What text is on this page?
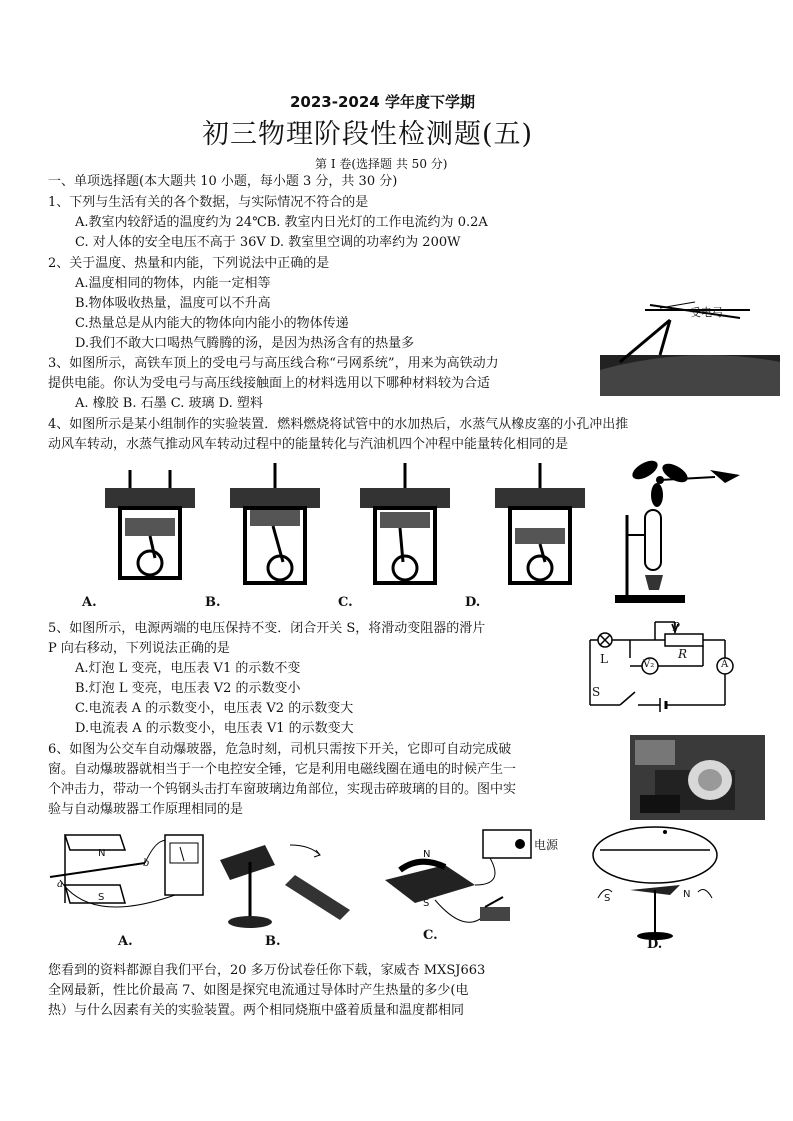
2023-2024 学年度下学期
初三物理阶段性检测题(五)
第 I 卷(选择题 共 50 分)
一、单项选择题(本大题共 10 小题，每小题 3 分，共 30 分)
1、下列与生活有关的各个数据，与实际情况不符合的是
A.教室内较舒适的温度约为 24℃B. 教室内日光灯的工作电流约为 0.2A
C. 对人体的安全电压不高于 36V D. 教室里空调的功率约为 200W
2、关于温度、热量和内能，下列说法中正确的是
A.温度相同的物体，内能一定相等
B.物体吸收热量，温度可以不升高
C.热量总是从内能大的物体向内能小的物体传递
D.我们不敢大口喝热气腾腾的汤，是因为热汤含有的热量多
受电弓
3、如图所示，高铁车顶上的受电弓与高压线合称“弓网系统”，用来为高铁动力
提供电能。你认为受电弓与高压线接触面上的材料选用以下哪种材料较为合适
A. 橡胶 B. 石墨 C. 玻璃 D. 塑料
4、如图所示是某小组制作的实验装置．燃料燃烧将试管中的水加热后，水蒸气从橡皮塞的小孔冲出推
动风车转动，水蒸气推动风车转动过程中的能量转化与汽油机四个冲程中能量转化相同的是
A.	B.	C.	D.
5、如图所示，电源两端的电压保持不变．闭合开关 S，将滑动变阻器的滑片
P 向右移动，下列说法正确的是
A.灯泡 L 变亮，电压表 V1 的示数不变
B.灯泡 L 变亮，电压表 V2 的示数变小
C.电流表 A 的示数变小，电压表 V2 的示数变大
D.电流表 A 的示数变小，电压表 V1 的示数变大
P
R
L	V₂	A
S
6、如图为公交车自动爆玻器，危急时刻，司机只需按下开关，它即可自动完成破
窗。自动爆玻器就相当于一个电控安全锤，它是利用电磁线圈在通电的时候产生一
个冲击力，带动一个钨钢头击打车窗玻璃边角部位，实现击碎玻璃的目的。图中实
验与自动爆玻器工作原理相同的是
N
S
a
b
N
S
电源
S	N
A.	B.	C.
D.
您看到的资料都源自我们平台，20 多万份试卷任你下载，家威杏 MXSJ663
全网最新，性比价最高 7、如图是探究电流通过导体时产生热量的多少(电
热）与什么因素有关的实验装置。两个相同烧瓶中盛着质量和温度都相同
